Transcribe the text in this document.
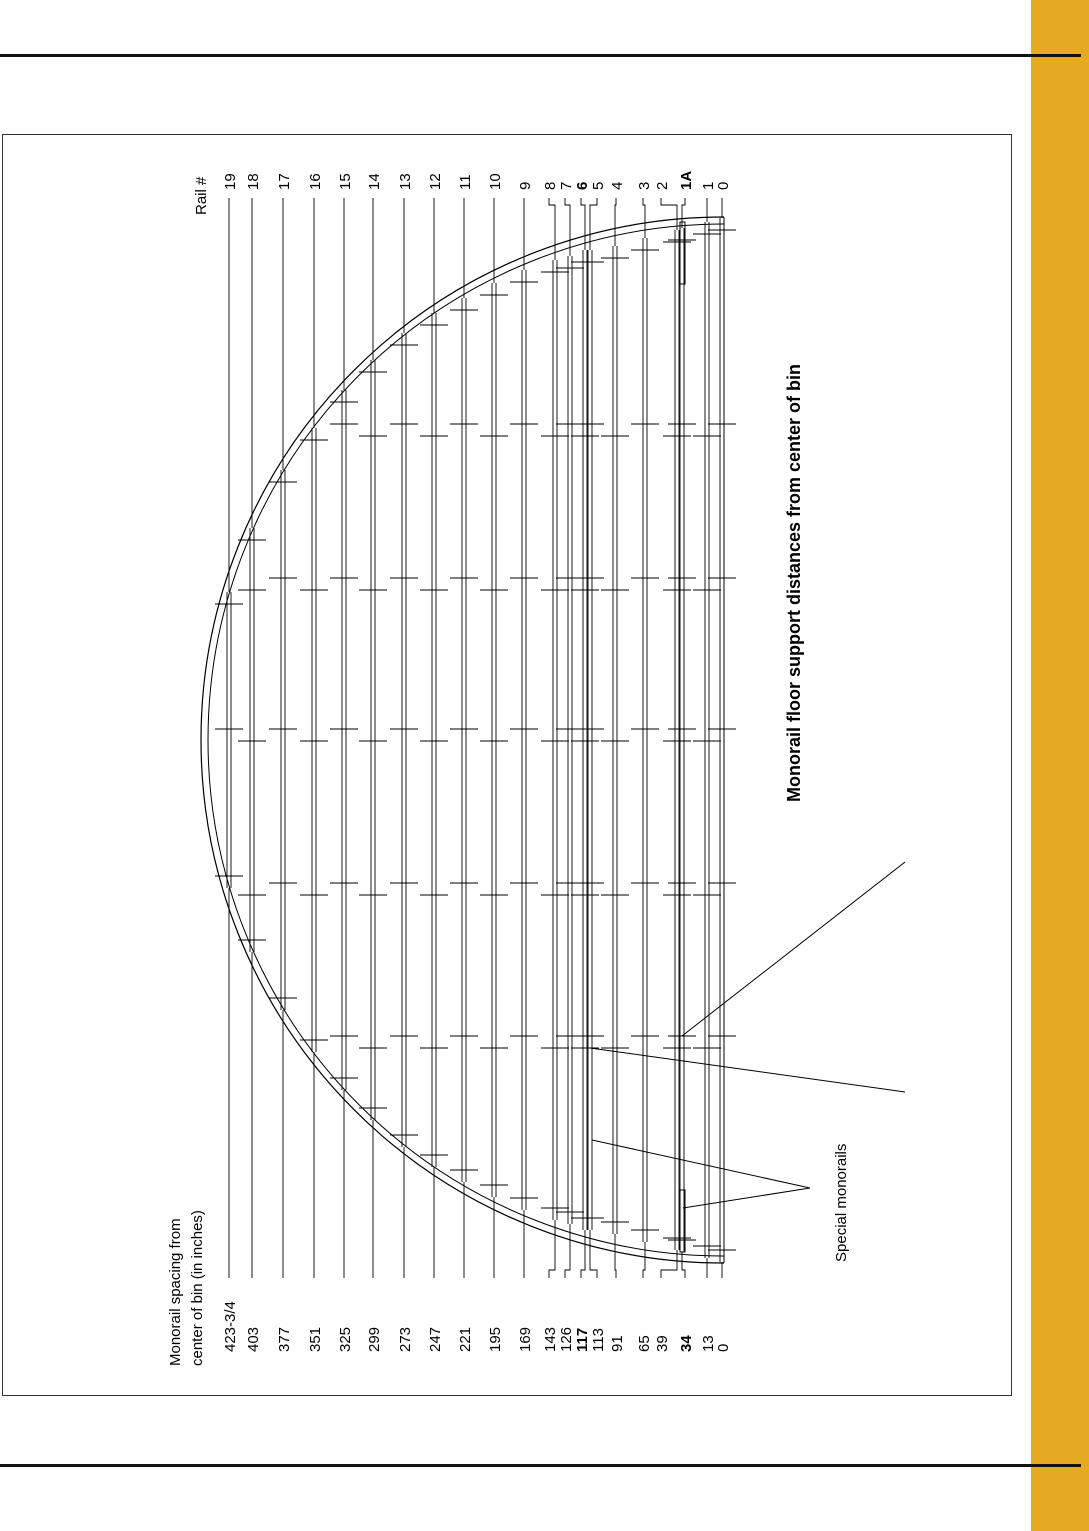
19
423-3/4
18
403
17
377
16
351
15
325
14
299
13
273
12
247
11
221
10
195
9
169
8
143
7
126
6
117
5
113
4
91
3
65
2
39
1A
34
1
13
0
0
Monorail spacing from center of bin (in inches)
Rail #
Monorail floor support distances from center of bin
Special monorails
